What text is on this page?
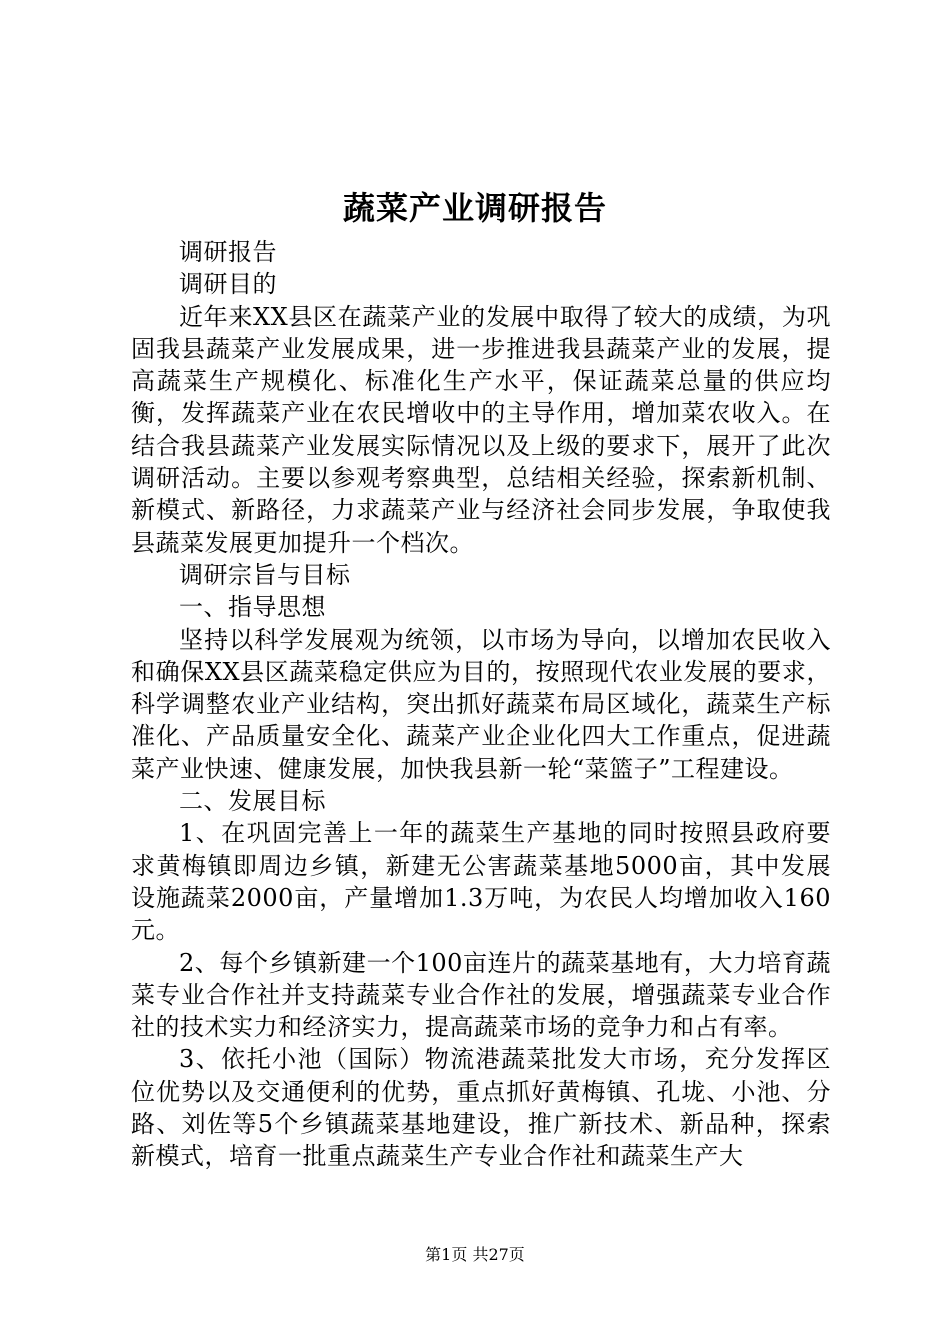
蔬菜产业调研报告

调研报告

调研目的

近年来XX县区在蔬菜产业的发展中取得了较大的成绩，为巩固我县蔬菜产业发展成果，进一步推进我县蔬菜产业的发展，提高蔬菜生产规模化、标准化生产水平，保证蔬菜总量的供应均衡，发挥蔬菜产业在农民增收中的主导作用，增加菜农收入。在结合我县蔬菜产业发展实际情况以及上级的要求下，展开了此次调研活动。主要以参观考察典型，总结相关经验，探索新机制、新模式、新路径，力求蔬菜产业与经济社会同步发展，争取使我县蔬菜发展更加提升一个档次。

调研宗旨与目标

一、指导思想

坚持以科学发展观为统领，以市场为导向，以增加农民收入和确保XX县区蔬菜稳定供应为目的，按照现代农业发展的要求，科学调整农业产业结构，突出抓好蔬菜布局区域化，蔬菜生产标准化、产品质量安全化、蔬菜产业企业化四大工作重点，促进蔬菜产业快速、健康发展，加快我县新一轮“菜篮子”工程建设。

二、发展目标

1、在巩固完善上一年的蔬菜生产基地的同时按照县政府要求黄梅镇即周边乡镇，新建无公害蔬菜基地5000亩，其中发展设施蔬菜2000亩，产量增加1.3万吨，为农民人均增加收入160元。

2、每个乡镇新建一个100亩连片的蔬菜基地有，大力培育蔬菜专业合作社并支持蔬菜专业合作社的发展，增强蔬菜专业合作社的技术实力和经济实力，提高蔬菜市场的竞争力和占有率。

3、依托小池（国际）物流港蔬菜批发大市场，充分发挥区位优势以及交通便利的优势，重点抓好黄梅镇、孔垅、小池、分路、刘佐等5个乡镇蔬菜基地建设，推广新技术、新品种，探索新模式，培育一批重点蔬菜生产专业合作社和蔬菜生产大

第1页 共27页
